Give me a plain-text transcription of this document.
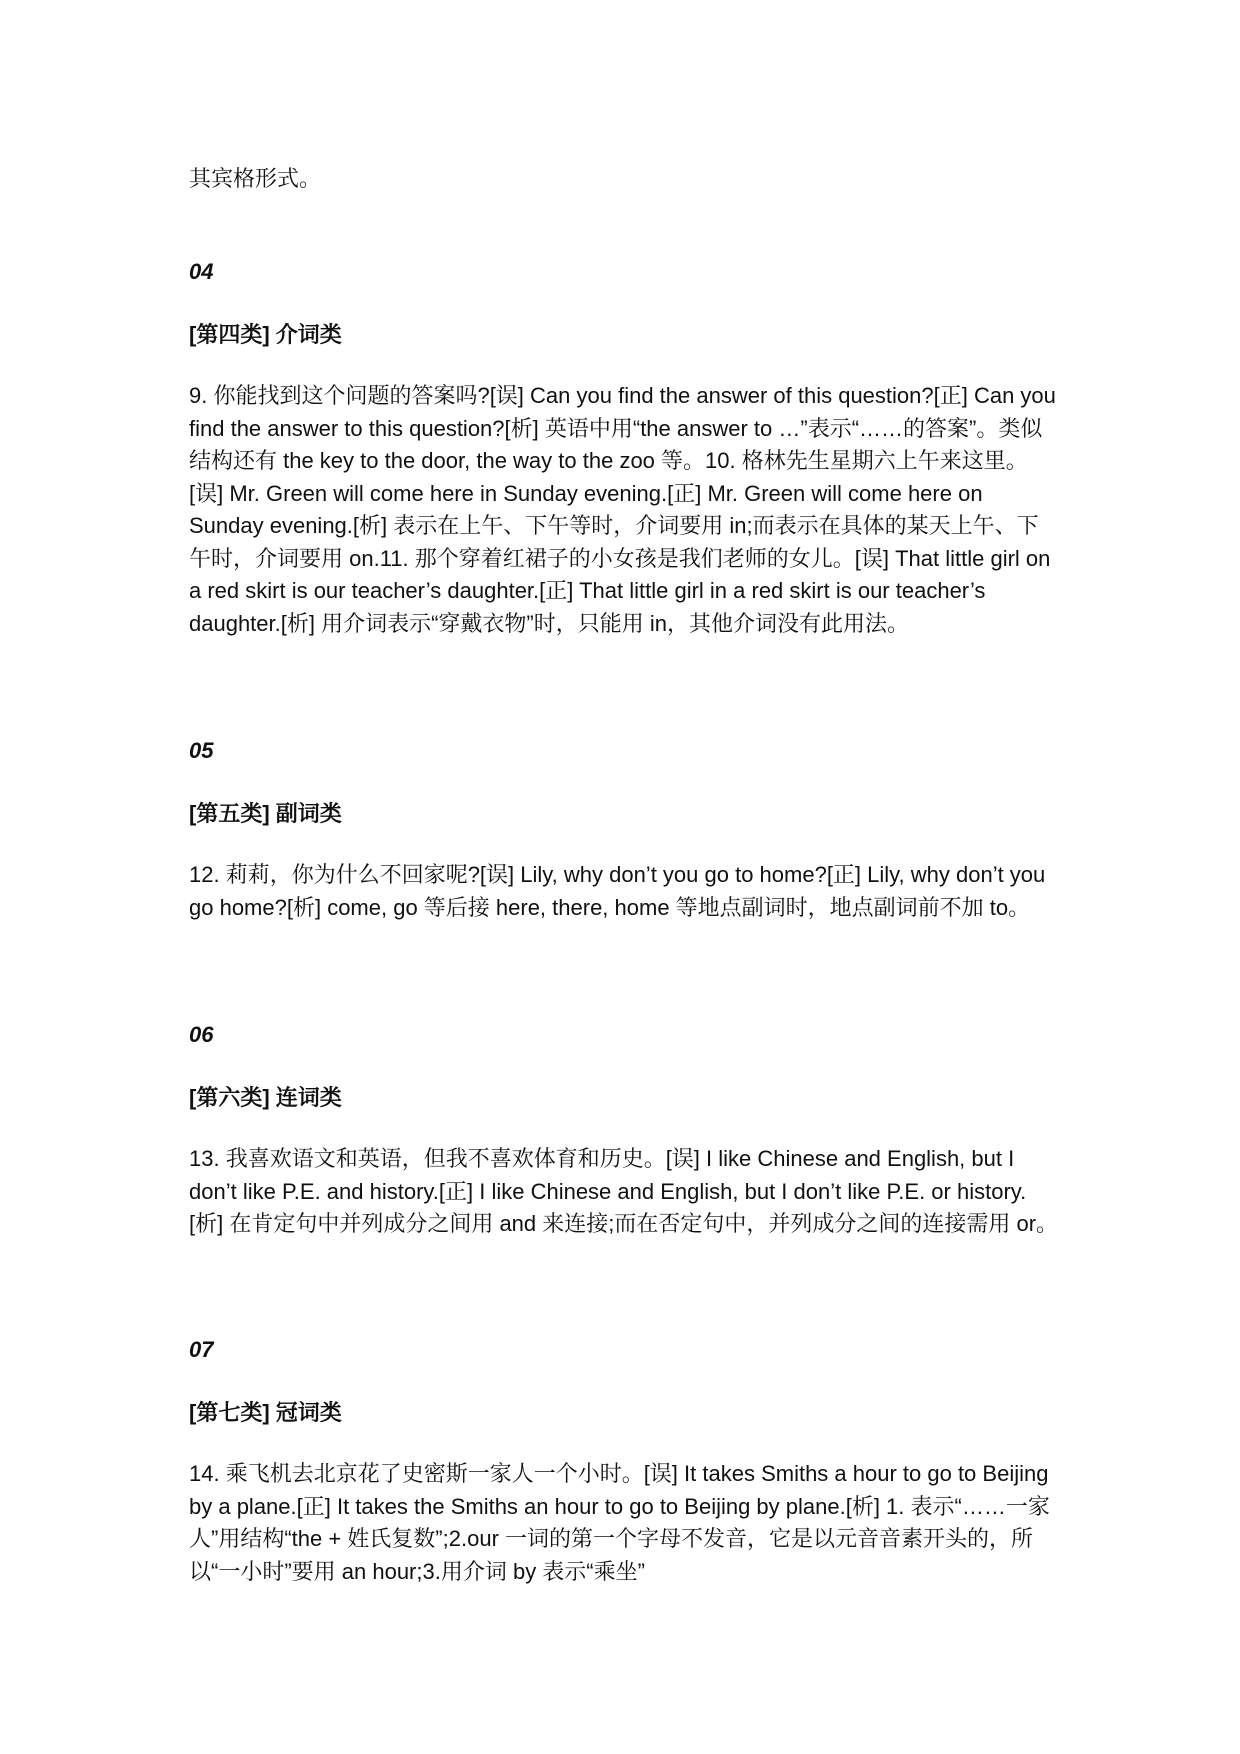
其宾格形式。

04

[第四类] 介词类

9. 你能找到这个问题的答案吗?[误] Can you find the answer of this question?[正] Can you find the answer to this question?[析] 英语中用“the answer to …”表示“……的答案”。类似结构还有 the key to the door, the way to the zoo 等。10. 格林先生星期六上午来这里。[误] Mr. Green will come here in Sunday evening.[正] Mr. Green will come here on Sunday evening.[析] 表示在上午、下午等时，介词要用 in;而表示在具体的某天上午、下午时，介词要用 on.11. 那个穿着红裙子的小女孩是我们老师的女儿。[误] That little girl on a red skirt is our teacher’s daughter.[正] That little girl in a red skirt is our teacher’s daughter.[析] 用介词表示“穿戴衣物”时，只能用 in，其他介词没有此用法。

05

[第五类] 副词类

12. 莉莉，你为什么不回家呢?[误] Lily, why don’t you go to home?[正] Lily, why don’t you go home?[析] come, go 等后接 here, there, home 等地点副词时，地点副词前不加 to。

06

[第六类] 连词类

13. 我喜欢语文和英语，但我不喜欢体育和历史。[误] I like Chinese and English, but I don’t like P.E. and history.[正] I like Chinese and English, but I don’t like P.E. or history.[析] 在肯定句中并列成分之间用 and 来连接;而在否定句中，并列成分之间的连接需用 or。

07

[第七类] 冠词类

14. 乘飞机去北京花了史密斯一家人一个小时。[误] It takes Smiths a hour to go to Beijing by a plane.[正] It takes the Smiths an hour to go to Beijing by plane.[析] 1. 表示“……一家人”用结构“the + 姓氏复数”;2.our 一词的第一个字母不发音，它是以元音音素开头的，所以“一小时”要用 an hour;3.用介词 by 表示“乘坐”
